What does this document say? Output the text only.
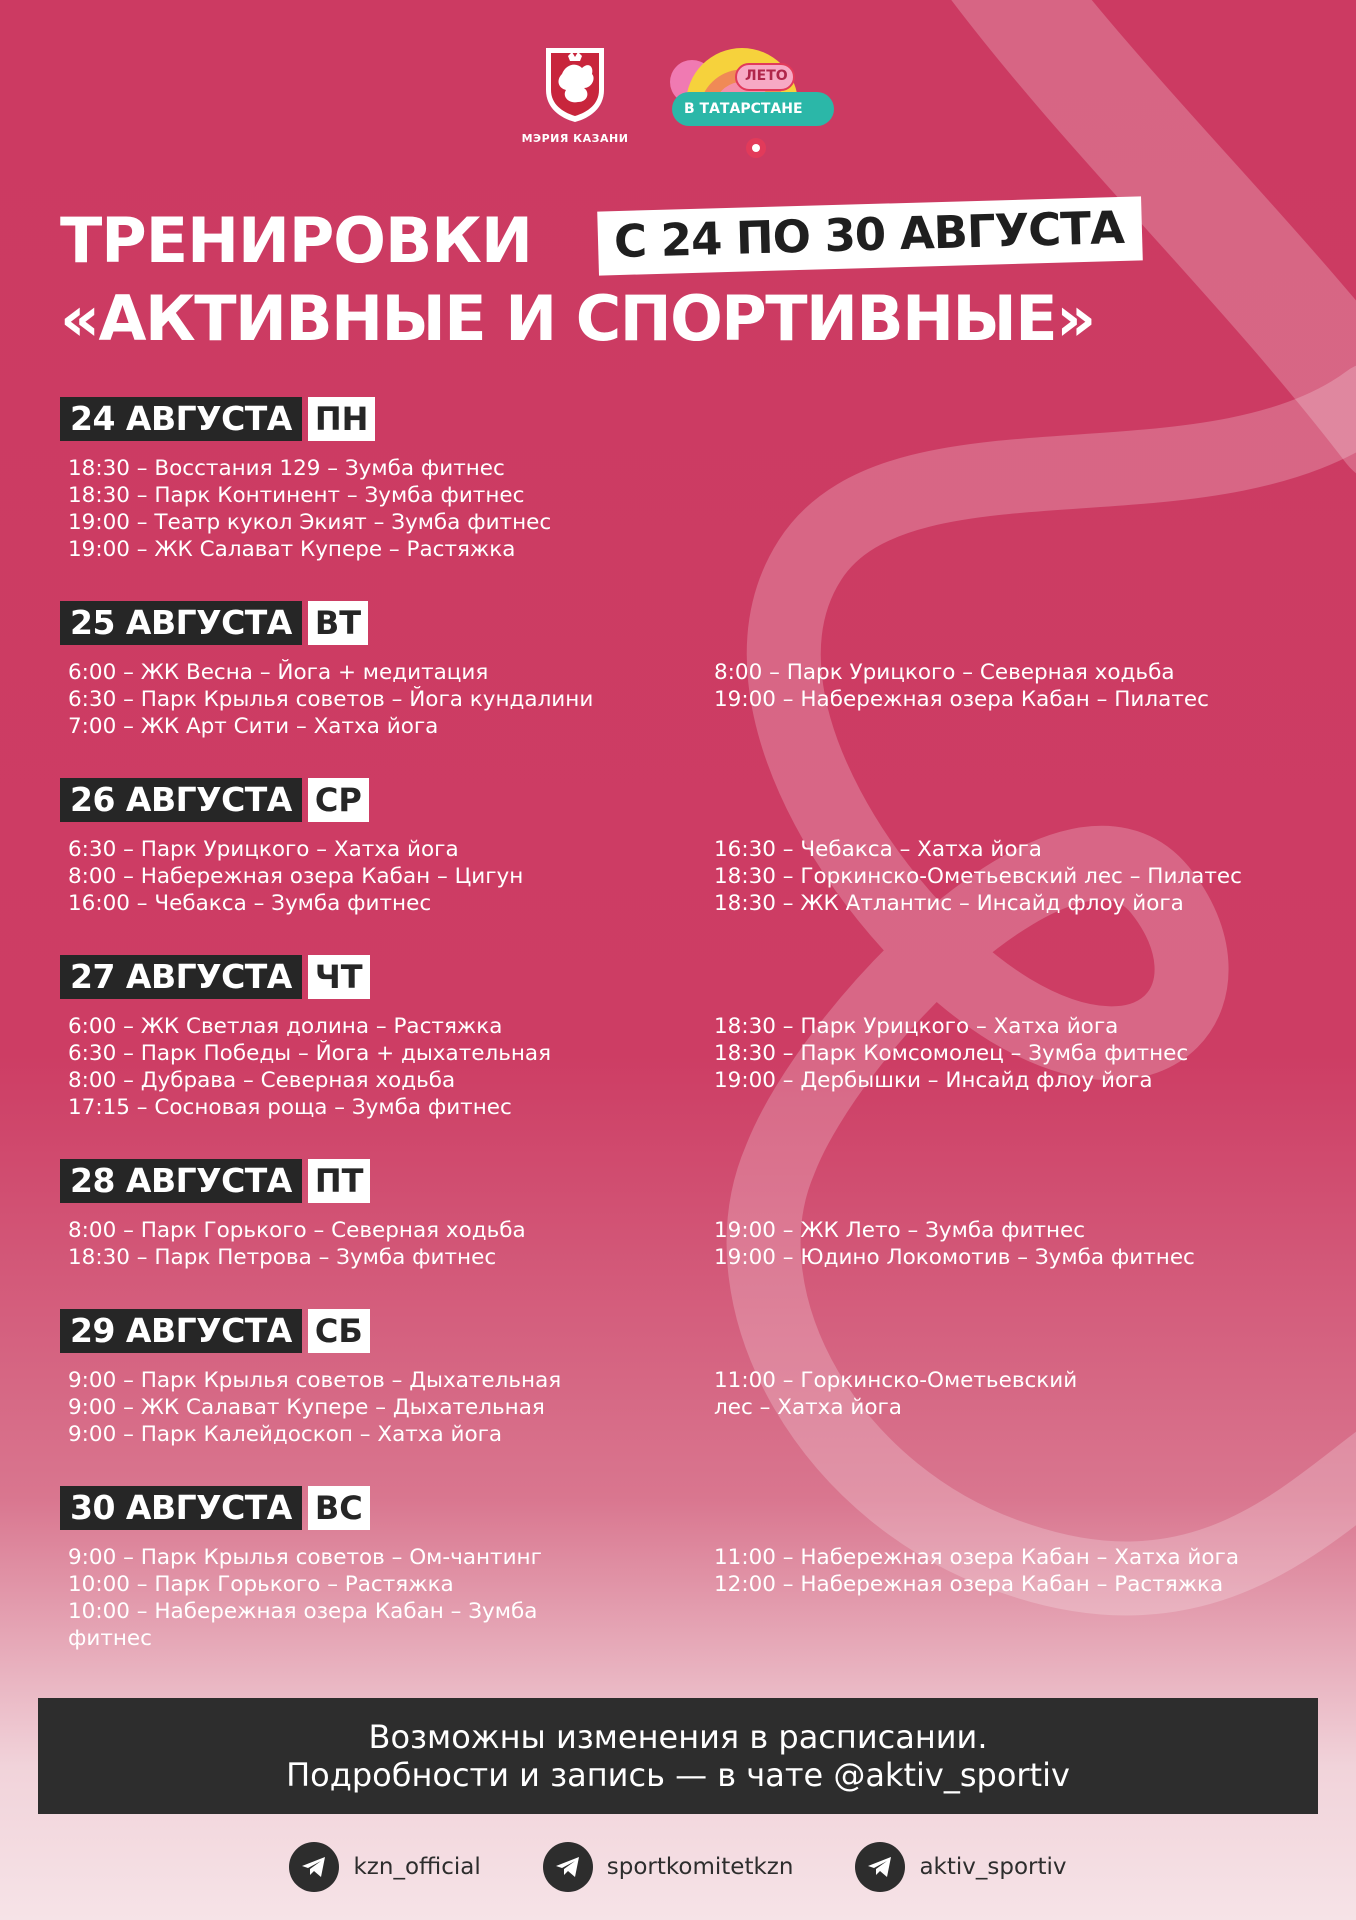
МЭРИЯ КАЗАНИ
ЛЕТО
В ТАТАРСТАНЕ
ТРЕНИРОВКИ	С 24 ПО 30 АВГУСТА
«АКТИВНЫЕ И СПОРТИВНЫЕ»
24 АВГУСТА ПН
18:30 – Восстания 129 – Зумба фитнес
18:30 – Парк Континент – Зумба фитнес
19:00 – Театр кукол Экият – Зумба фитнес
19:00 – ЖК Салават Купере – Растяжка
25 АВГУСТА ВТ
6:00 – ЖК Весна – Йога + медитация
6:30 – Парк Крылья советов – Йога кундалини
7:00 – ЖК Арт Сити – Хатха йога
8:00 – Парк Урицкого – Северная ходьба
19:00 – Набережная озера Кабан – Пилатес
26 АВГУСТА СР
6:30 – Парк Урицкого – Хатха йога
8:00 – Набережная озера Кабан – Цигун
16:00 – Чебакса – Зумба фитнес
16:30 – Чебакса – Хатха йога
18:30 – Горкинско-Ометьевский лес – Пилатес
18:30 – ЖК Атлантис – Инсайд флоу йога
27 АВГУСТА ЧТ
6:00 – ЖК Светлая долина – Растяжка
6:30 – Парк Победы – Йога + дыхательная
8:00 – Дубрава – Северная ходьба
17:15 – Сосновая роща – Зумба фитнес
18:30 – Парк Урицкого – Хатха йога
18:30 – Парк Комсомолец – Зумба фитнес
19:00 – Дербышки – Инсайд флоу йога
28 АВГУСТА ПТ
8:00 – Парк Горького – Северная ходьба
18:30 – Парк Петрова – Зумба фитнес
19:00 – ЖК Лето – Зумба фитнес
19:00 – Юдино Локомотив – Зумба фитнес
29 АВГУСТА СБ
9:00 – Парк Крылья советов – Дыхательная
9:00 – ЖК Салават Купере – Дыхательная
9:00 – Парк Калейдоскоп – Хатха йога
11:00 – Горкинско-Ометьевский
лес – Хатха йога
30 АВГУСТА ВС
9:00 – Парк Крылья советов – Ом-чантинг
10:00 – Парк Горького – Растяжка
10:00 – Набережная озера Кабан – Зумба
фитнес
11:00 – Набережная озера Кабан – Хатха йога
12:00 – Набережная озера Кабан – Растяжка
Возможны изменения в расписании.
Подробности и запись — в чате @aktiv_sportiv
kzn_official	sportkomitetkzn	aktiv_sportiv
